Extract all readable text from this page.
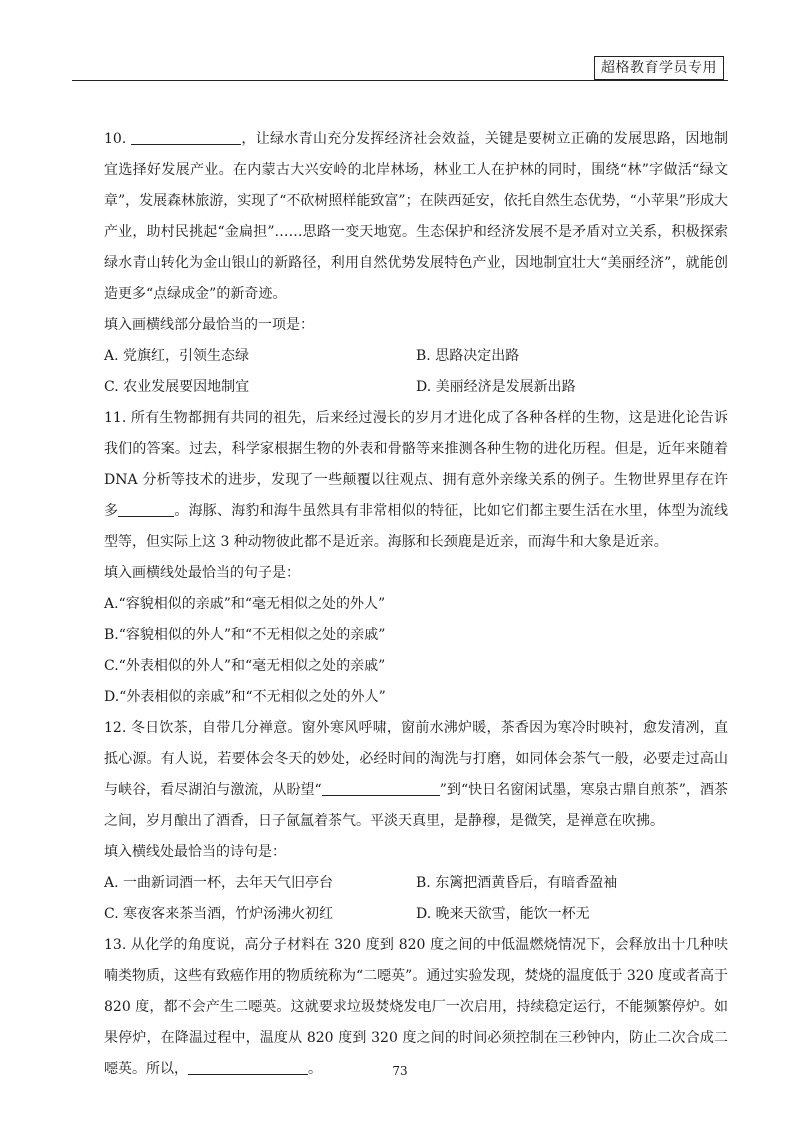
超格教育学员专用

10.	，让绿水青山充分发挥经济社会效益，关键是要树立正确的发展思路，因地制宜选择好发展产业。在内蒙古大兴安岭的北岸林场，林业工人在护林的同时，围绕“林”字做活“绿文章”，发展森林旅游，实现了“不砍树照样能致富”；在陕西延安，依托自然生态优势，“小苹果”形成大产业，助村民挑起“金扁担”……思路一变天地宽。生态保护和经济发展不是矛盾对立关系，积极探索绿水青山转化为金山银山的新路径，利用自然优势发展特色产业，因地制宜壮大“美丽经济”，就能创造更多“点绿成金”的新奇迹。

填入画横线部分最恰当的一项是：

A. 党旗红，引领生态绿	B. 思路决定出路
C. 农业发展要因地制宜	D. 美丽经济是发展新出路

11. 所有生物都拥有共同的祖先，后来经过漫长的岁月才进化成了各种各样的生物，这是进化论告诉我们的答案。过去，科学家根据生物的外表和骨骼等来推测各种生物的进化历程。但是，近年来随着 DNA 分析等技术的进步，发现了一些颠覆以往观点、拥有意外亲缘关系的例子。生物世界里存在许多	。海豚、海豹和海牛虽然具有非常相似的特征，比如它们都主要生活在水里，体型为流线型等，但实际上这 3 种动物彼此都不是近亲。海豚和长颈鹿是近亲，而海牛和大象是近亲。

填入画横线处最恰当的句子是：

A.“容貌相似的亲戚”和“毫无相似之处的外人”

B.“容貌相似的外人”和“不无相似之处的亲戚”

C.“外表相似的外人”和“毫无相似之处的亲戚”

D.“外表相似的亲戚”和“不无相似之处的外人”

12. 冬日饮茶，自带几分禅意。窗外寒风呼啸，窗前水沸炉暖，茶香因为寒冷时映衬，愈发清冽，直抵心源。有人说，若要体会冬天的妙处，必经时间的淘洗与打磨，如同体会茶气一般，必要走过高山与峡谷，看尽湖泊与激流，从盼望“	”到“快日名窗闲试墨，寒泉古鼎自煎茶”，酒茶之间，岁月酿出了酒香，日子氤氲着茶气。平淡天真里，是静穆，是微笑，是禅意在吹拂。

填入横线处最恰当的诗句是：

A. 一曲新词酒一杯，去年天气旧亭台	B. 东篱把酒黄昏后，有暗香盈袖
C. 寒夜客来茶当酒，竹炉汤沸火初红	D. 晚来天欲雪，能饮一杯无

13. 从化学的角度说，高分子材料在 320 度到 820 度之间的中低温燃烧情况下，会释放出十几种呋喃类物质，这些有致癌作用的物质统称为“二噁英”。通过实验发现，焚烧的温度低于 320 度或者高于 820 度，都不会产生二噁英。这就要求垃圾焚烧发电厂一次启用，持续稳定运行，不能频繁停炉。如果停炉，在降温过程中，温度从 820 度到 320 度之间的时间必须控制在三秒钟内，防止二次合成二噁英。所以，	。	73
